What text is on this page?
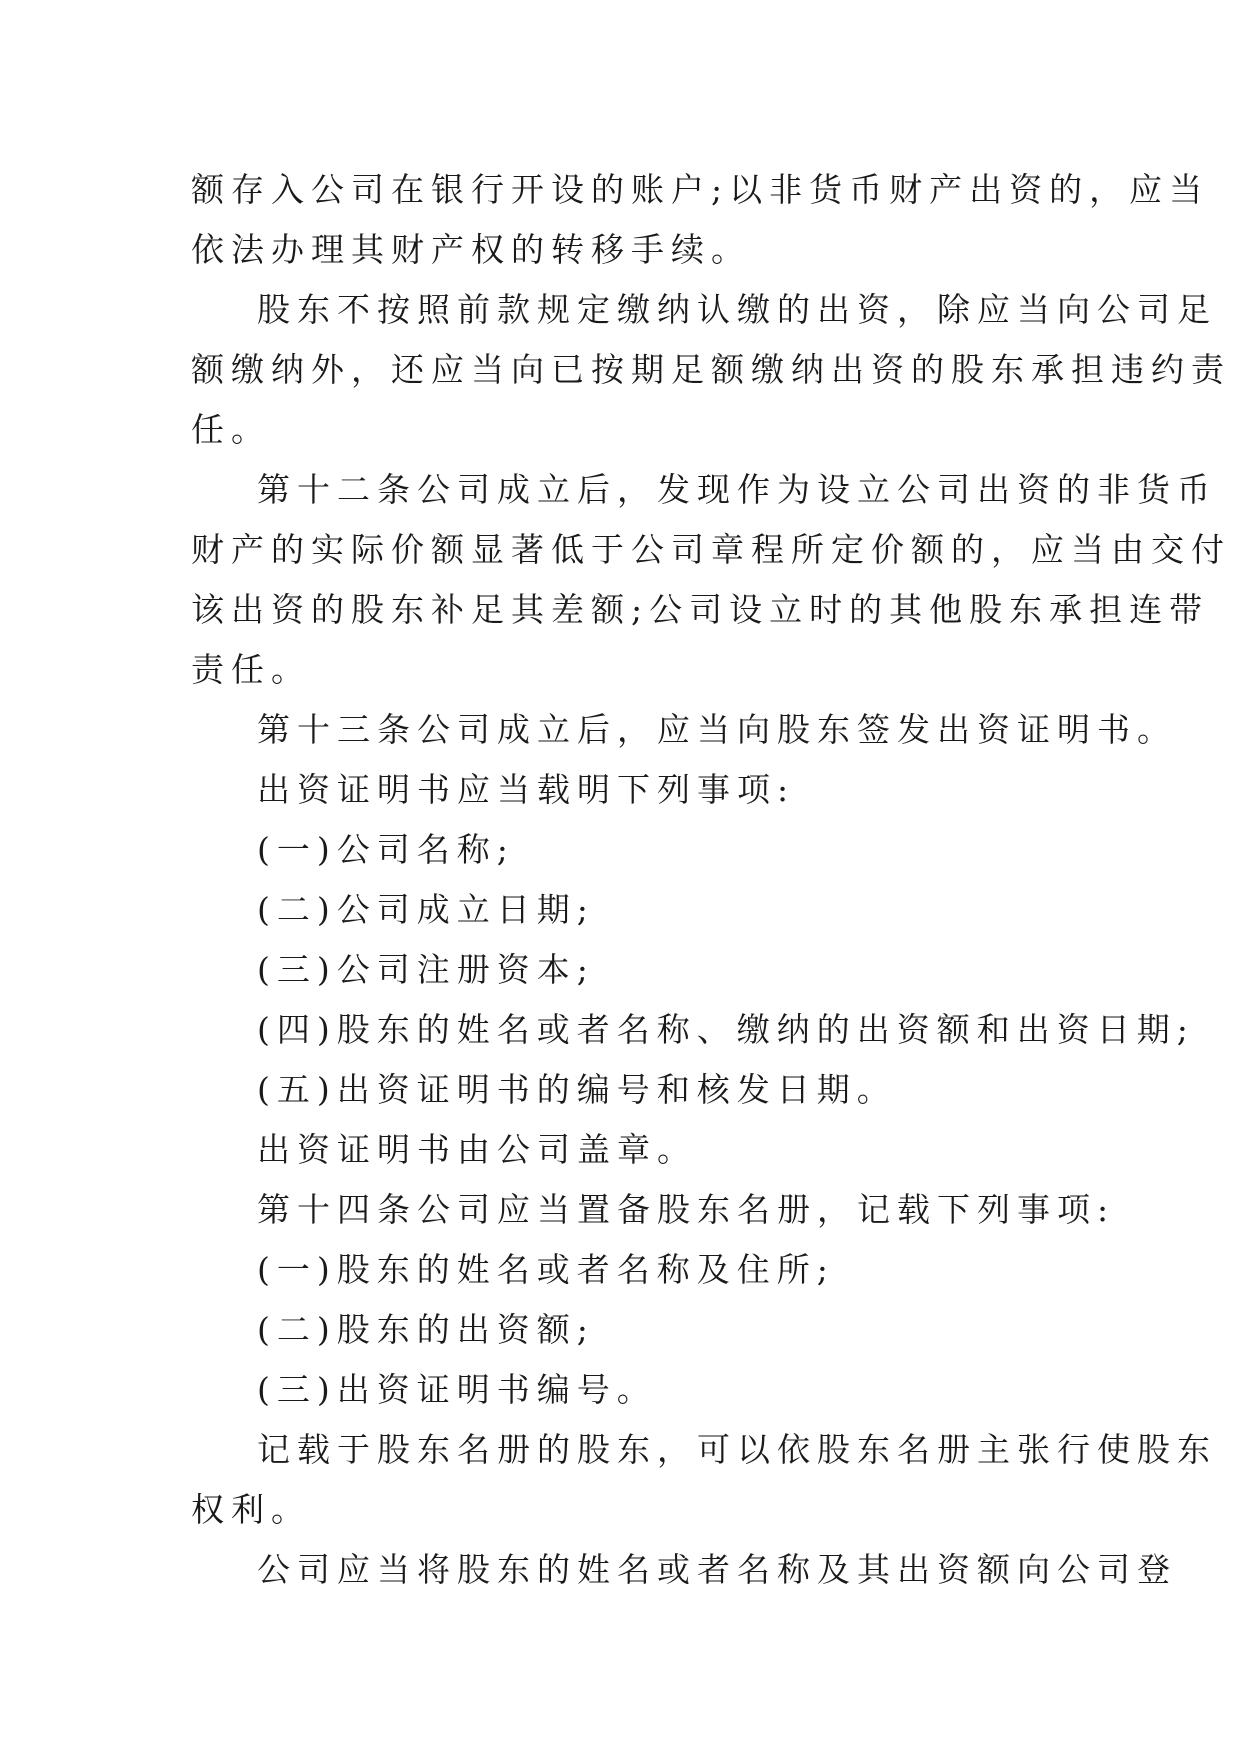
额存入公司在银行开设的账户;以非货币财产出资的，应当
依法办理其财产权的转移手续。
股东不按照前款规定缴纳认缴的出资，除应当向公司足
额缴纳外，还应当向已按期足额缴纳出资的股东承担违约责
任。
第十二条公司成立后，发现作为设立公司出资的非货币
财产的实际价额显著低于公司章程所定价额的，应当由交付
该出资的股东补足其差额;公司设立时的其他股东承担连带
责任。
第十三条公司成立后，应当向股东签发出资证明书。
出资证明书应当载明下列事项:
(一)公司名称;
(二)公司成立日期;
(三)公司注册资本;
(四)股东的姓名或者名称、缴纳的出资额和出资日期;
(五)出资证明书的编号和核发日期。
出资证明书由公司盖章。
第十四条公司应当置备股东名册，记载下列事项:
(一)股东的姓名或者名称及住所;
(二)股东的出资额;
(三)出资证明书编号。
记载于股东名册的股东，可以依股东名册主张行使股东
权利。
公司应当将股东的姓名或者名称及其出资额向公司登
